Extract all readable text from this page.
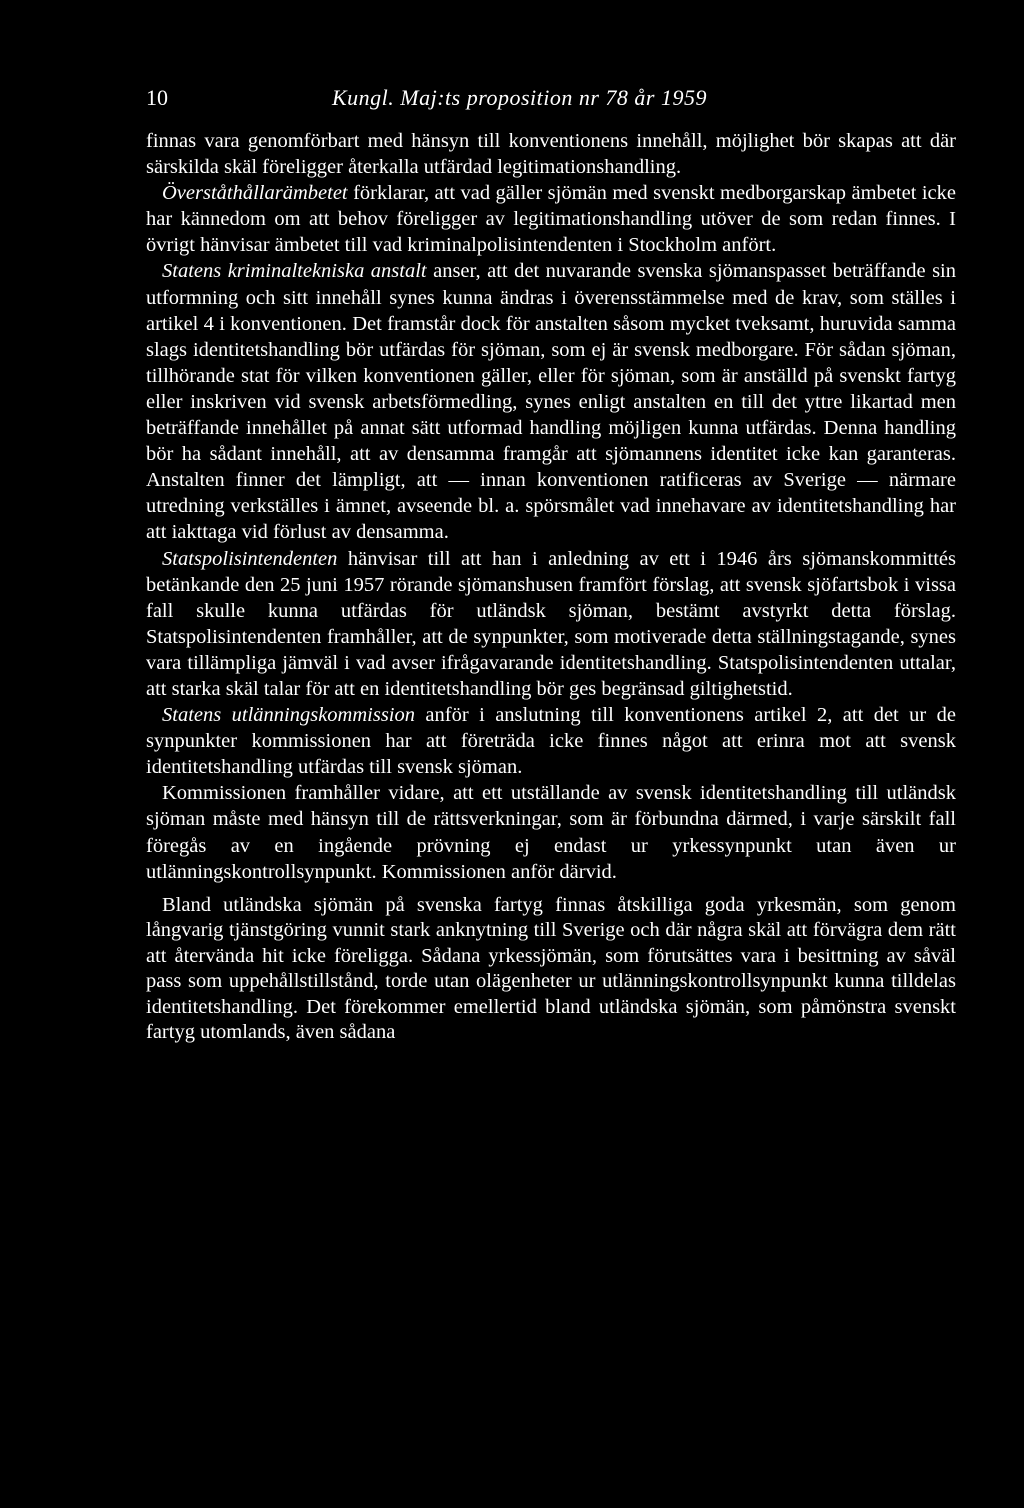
10	Kungl. Maj:ts proposition nr 78 år 1959

finnas vara genomförbart med hänsyn till konventionens innehåll, möjlighet bör skapas att där särskilda skäl föreligger återkalla utfärdad legitimationshandling.

Överståthållarämbetet förklarar, att vad gäller sjömän med svenskt medborgarskap ämbetet icke har kännedom om att behov föreligger av legitimationshandling utöver de som redan finnes. I övrigt hänvisar ämbetet till vad kriminalpolisintendenten i Stockholm anfört.

Statens kriminaltekniska anstalt anser, att det nuvarande svenska sjömanspasset beträffande sin utformning och sitt innehåll synes kunna ändras i överensstämmelse med de krav, som ställes i artikel 4 i konventionen. Det framstår dock för anstalten såsom mycket tveksamt, huruvida samma slags identitetshandling bör utfärdas för sjöman, som ej är svensk medborgare. För sådan sjöman, tillhörande stat för vilken konventionen gäller, eller för sjöman, som är anställd på svenskt fartyg eller inskriven vid svensk arbetsförmedling, synes enligt anstalten en till det yttre likartad men beträffande innehållet på annat sätt utformad handling möjligen kunna utfärdas. Denna handling bör ha sådant innehåll, att av densamma framgår att sjömannens identitet icke kan garanteras. Anstalten finner det lämpligt, att — innan konventionen ratificeras av Sverige — närmare utredning verkställes i ämnet, avseende bl. a. spörsmålet vad innehavare av identitetshandling har att iakttaga vid förlust av densamma.

Statspolisintendenten hänvisar till att han i anledning av ett i 1946 års sjömanskommittés betänkande den 25 juni 1957 rörande sjömanshusen framfört förslag, att svensk sjöfartsbok i vissa fall skulle kunna utfärdas för utländsk sjöman, bestämt avstyrkt detta förslag. Statspolisintendenten framhåller, att de synpunkter, som motiverade detta ställningstagande, synes vara tillämpliga jämväl i vad avser ifrågavarande identitetshandling. Statspolisintendenten uttalar, att starka skäl talar för att en identitetshandling bör ges begränsad giltighetstid.

Statens utlänningskommission anför i anslutning till konventionens artikel 2, att det ur de synpunkter kommissionen har att företräda icke finnes något att erinra mot att svensk identitetshandling utfärdas till svensk sjöman.

Kommissionen framhåller vidare, att ett utställande av svensk identitetshandling till utländsk sjöman måste med hänsyn till de rättsverkningar, som är förbundna därmed, i varje särskilt fall föregås av en ingående prövning ej endast ur yrkessynpunkt utan även ur utlänningskontrollsynpunkt. Kommissionen anför därvid.

Bland utländska sjömän på svenska fartyg finnas åtskilliga goda yrkesmän, som genom långvarig tjänstgöring vunnit stark anknytning till Sverige och där några skäl att förvägra dem rätt att återvända hit icke föreligga. Sådana yrkessjömän, som förutsättes vara i besittning av såväl pass som uppehållstillstånd, torde utan olägenheter ur utlänningskontrollsynpunkt kunna tilldelas identitetshandling. Det förekommer emellertid bland utländska sjömän, som påmönstra svenskt fartyg utomlands, även sådana
